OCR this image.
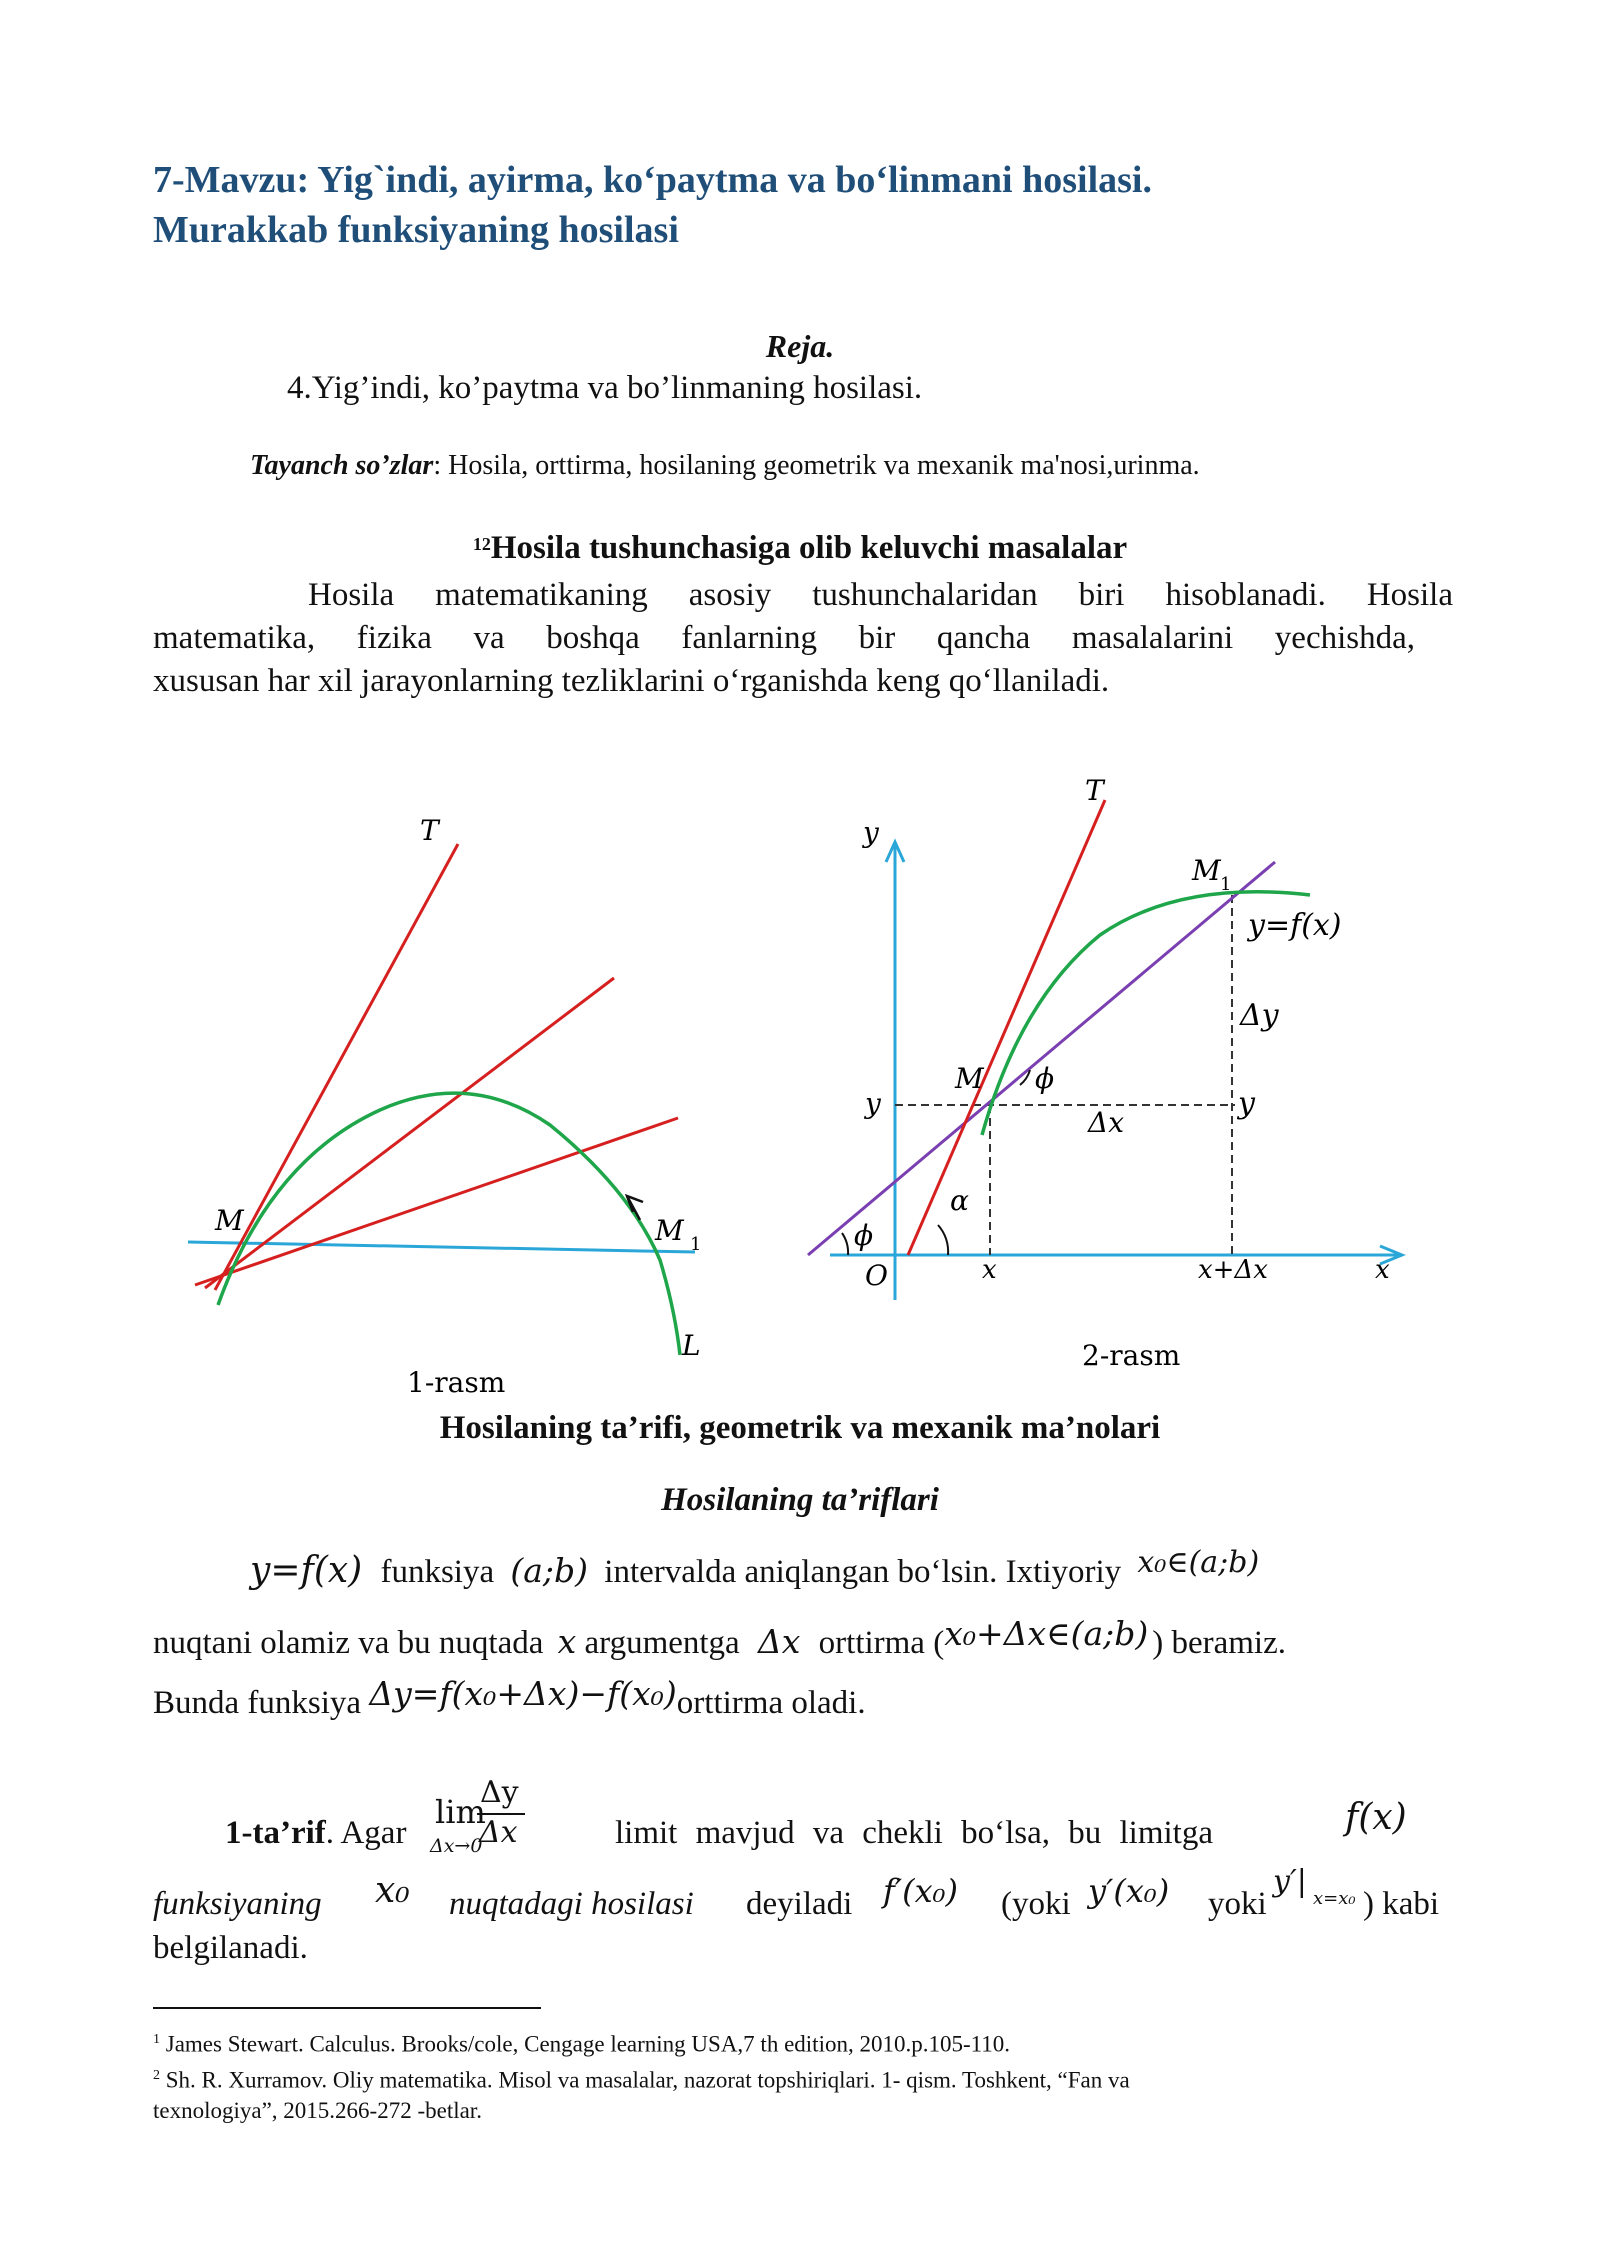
7-Mavzu: Yig`indi, ayirma, ko‘paytma va bo‘linmani hosilasi.
Murakkab funksiyaning hosilasi
Reja.
4.Yig’indi, ko’paytma va bo’linmaning hosilasi.
Tayanch so’zlar: Hosila, orttirma, hosilaning geometrik va mexanik ma'nosi,urinma.
$^{12}$Hosila tushunchasiga olib keluvchi masalalar
Hosila matematikaning asosiy tushunchalaridan biri hisoblanadi. Hosila
matematika, fizika va boshqa fanlarning bir qancha masalalarini yechishda,
xususan har xil jarayonlarning tezliklarini o‘rganishda keng qo‘llaniladi.
T
M	M 1
L
1-rasm
T
y
M 1
y=f(x)
Δy
M ϕ
y
Δx
y
α
ϕ
O	x	x+Δx	x
2-rasm
Hosilaning ta’rifi, geometrik va mexanik ma’nolari
Hosilaning ta’riflari
y=f(x) funksiya (a;b) intervalda aniqlangan bo‘lsin. Ixtiyoriy x₀∈(a;b)
nuqtani olamiz va bu nuqtada x argumentga Δx orttirma (x₀+Δx∈(a;b) ) beramiz.
Bunda funksiya Δy=f(x₀+Δx)−f(x₀)orttirma oladi.
1-ta’rif. Agar
Δy
Δx
lim
Δx→0	limit mavjud va chekli bo‘lsa, bu limitga	f(x)
funksiyaning x₀ nuqtadagi hosilasi deyiladi f′(x₀) (yoki y′(x₀) yoki
y′| x=x₀ ) kabi
belgilanadi.
$^1$ James Stewart. Calculus. Brooks/cole, Cengage learning USA,7 th edition, 2010.p.105-110.
$^2$ Sh. R. Xurramov. Oliy matematika. Misol va masalalar, nazorat topshiriqlari. 1- qism. Toshkent, “Fan va
texnologiya”, 2015.266-272 -betlar.
